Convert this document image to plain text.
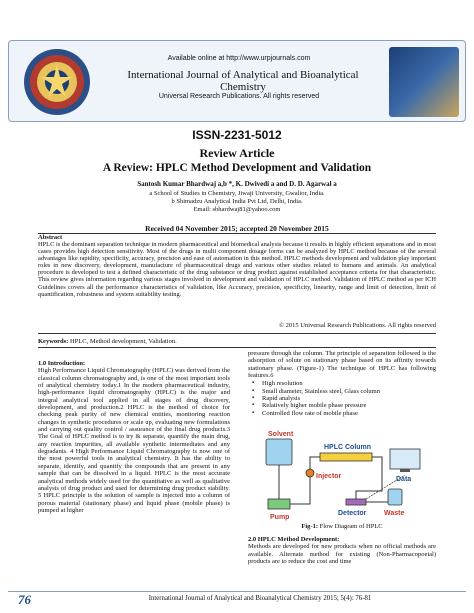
Available online at http://www.urpjournals.com
International Journal of Analytical and Bioanalytical Chemistry
Universal Research Publications. All rights reserved
ISSN-2231-5012
Review Article
A Review: HPLC Method Development and Validation
Santosh Kumar Bhardwaj a,b *, K. Dwivedi a and D. D. Agarwal a
a School of Studies in Chemistry, Jiwaji University, Gwalior, India.
b Shimadzu Analytical India Pvt Ltd, Delhi, India.
Email: sbhardwaj81@yahoo.com
Received 04 November 2015; accepted 20 November 2015
Abstract
HPLC is the dominant separation technique in modern pharmaceutical and biomedical analysis because it results in highly efficient separations and in most cases provides high detection sensitivity. Most of the drugs in multi component dosage forms can be analyzed by HPLC method because of the several advantages like rapidity, specificity, accuracy, precision and ease of automation in this method. HPLC methods development and validation play important roles in new discovery, development, manufacture of pharmaceutical drugs and various other studies related to humans and animals. An analytical procedure is developed to test a defined characteristic of the drug substance or drug product against established acceptance criteria for that characteristic. This review gives information regarding various stages involved in development and validation of HPLC method. Validation of HPLC method as per ICH Guidelines covers all the performance characteristics of validation, like Accuracy, precision, specificity, linearity, range and limit of detection, limit of quantification, robustness and system suitability testing.
© 2015 Universal Research Publications. All rights reserved
Keywords: HPLC, Method development, Validation.
1.0 Introduction:
High Performance Liquid Chromatography (HPLC) was derived from the classical column chromatography and, is one of the most important tools of analytical chemistry today.1 In the modern pharmaceutical industry, high-performance liquid chromatography (HPLC) is the major and integral analytical tool applied in all stages of drug discovery, development, and production.2 HPLC is the method of choice for checking peak purity of new chemical entities, monitoring reaction changes in synthetic procedures or scale up, evaluating new formulations and carrying out quality control / assurance of the final drug products.3 The Goal of HPLC method is to try & separate, quantify the main drug, any reaction impurities, all available synthetic intermediates and any degradants. 4 High Performance Liquid Chromatography is now one of the most powerful tools in analytical chemistry. It has the ability to separate, identify, and quantify the compounds that are present in any sample that can be dissolved in a liquid. HPLC is the most accurate analytical methods widely used for the quantitative as well as qualitative analysis of drug product and used for determining drug product stability. 5 HPLC principle is the solution of sample is injected into a column of porous material (stationary phase) and liquid phase (mobile phase) is pumped at higher
pressure through the column. The principle of separation followed is the adsorption of solute on stationary phase based on its affinity towards stationary phase. (Figure-1) The technique of HPLC has following features.6
▪ High resolution
▪ Small diameter, Stainless steel, Glass column
▪ Rapid analysis
▪ Relatively higher mobile phase pressure
▪ Controlled flow rate of mobile phase
Solvent
Pump
Injector
HPLC Column
Detector	Waste
Data
Fig-1: Flow Diagram of HPLC
2.0 HPLC Method Development:
Methods are developed for new products when no official methods are available. Alternate method for existing (Non-Pharmacopoeial) products are to reduce the cost and time
76	International Journal of Analytical and Bioanalytical Chemistry 2015; 5(4): 76-81
